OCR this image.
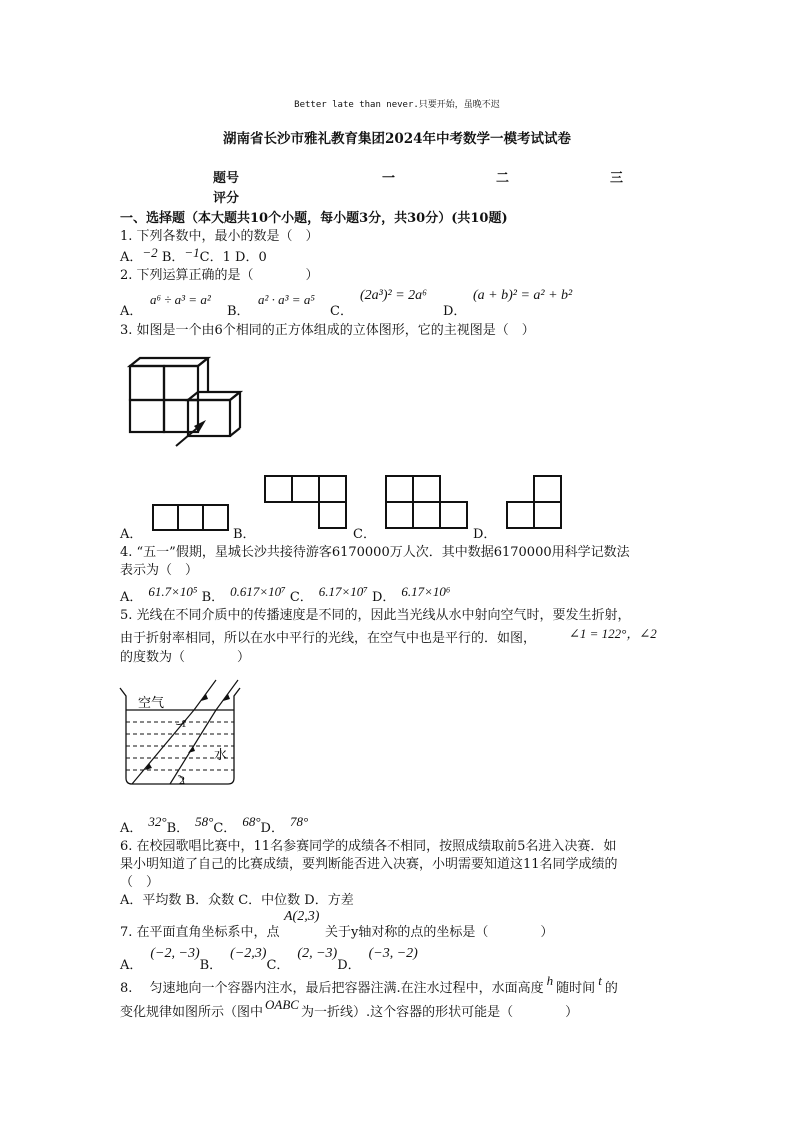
Better late than never.只要开始，虽晚不迟
湖南省长沙市雅礼教育集团2024年中考数学一模考试试卷
题号	一	二	三
评分
一、选择题（本大题共10个小题，每小题3分，共30分）(共10题)
1. 下列各数中，最小的数是（　）
A．−2 B．−1C．1 D．0
2. 下列运算正确的是（　　　　）
A．
a⁶ ÷ a³ = a²
B．
a² · a³ = a⁵
C．
(2a³)² = 2a⁶
D．
(a + b)² = a² + b²
3. 如图是一个由6个相同的正方体组成的立体图形，它的主视图是（　）
A．	B．	C．	D．
4. “五一”假期，星城长沙共接待游客6170000万人次．其中数据6170000用科学记数法
表示为（　）
A． 61.7×10⁵ B． 0.617×10⁷ C． 6.17×10⁷ D． 6.17×10⁶
5. 光线在不同介质中的传播速度是不同的，因此当光线从水中射向空气时，要发生折射，
由于折射率相同，所以在水中平行的光线，在空气中也是平行的．如图，	∠1 = 122°，∠2
的度数为（　　　　）
空气
水
1
2
A． 32°B． 58°C． 68°D． 78°
6. 在校园歌唱比赛中，11名参赛同学的成绩各不相同，按照成绩取前5名进入决赛．如
果小明知道了自己的比赛成绩，要判断能否进入决赛，小明需要知道这11名同学成绩的
（　）
A．平均数 B．众数 C．中位数 D．方差
7. 在平面直角坐标系中，点
A(2,3)
关于y轴对称的点的坐标是（　　　　）
A．(−2, −3)B．(−2,3)C．(2, −3)D．(−3, −2)
8.　 匀速地向一个容器内注水，最后把容器注满.在注水过程中，水面高度h随时间t的
变化规律如图所示（图中OABC为一折线）.这个容器的形状可能是（　　　　）
